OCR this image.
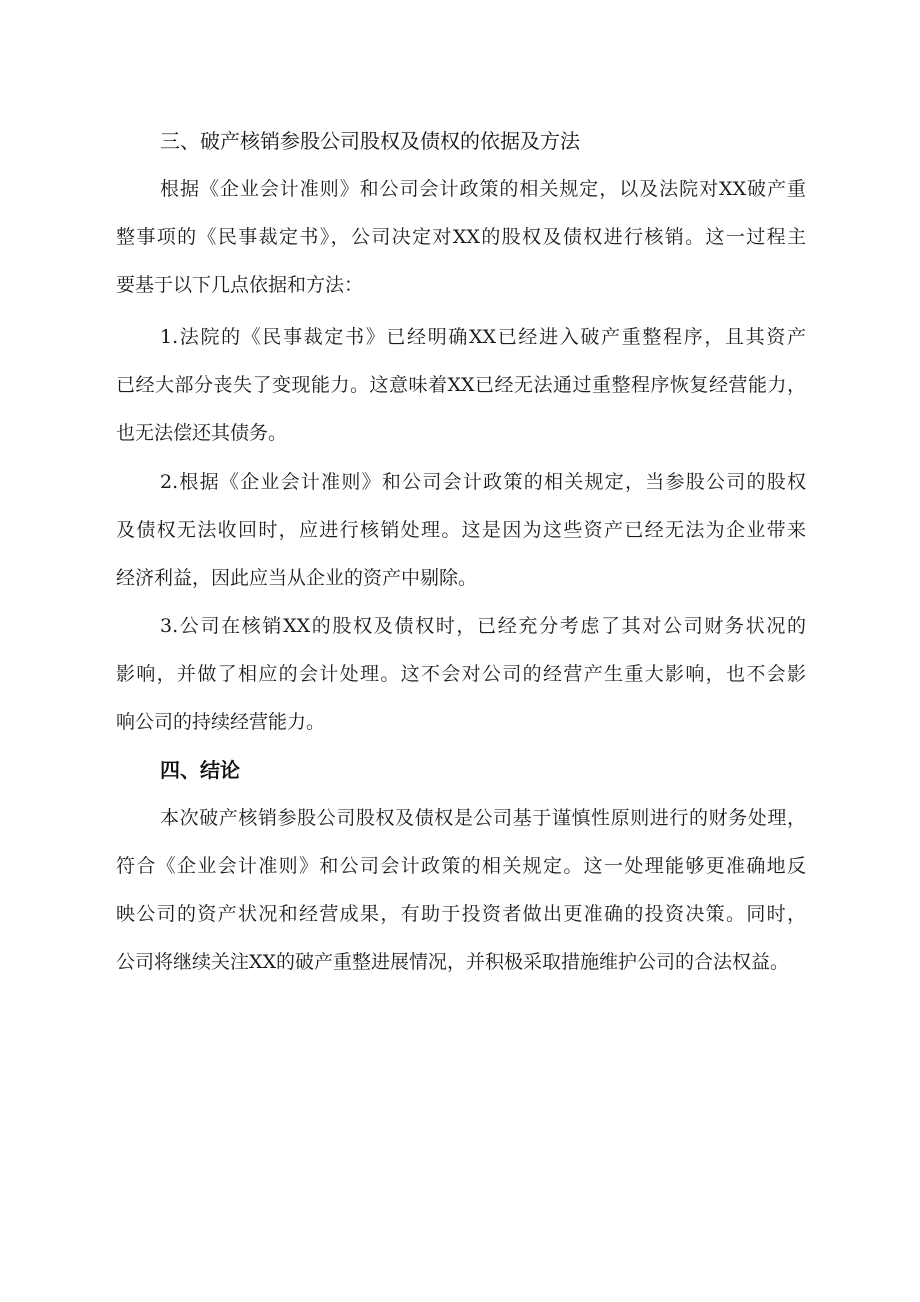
三、破产核销参股公司股权及债权的依据及方法
根据《企业会计准则》和公司会计政策的相关规定，以及法院对XX破产重
整事项的《民事裁定书》，公司决定对XX的股权及债权进行核销。这一过程主
要基于以下几点依据和方法：
1.法院的《民事裁定书》已经明确XX已经进入破产重整程序，且其资产
已经大部分丧失了变现能力。这意味着XX已经无法通过重整程序恢复经营能力，
也无法偿还其债务。
2.根据《企业会计准则》和公司会计政策的相关规定，当参股公司的股权
及债权无法收回时，应进行核销处理。这是因为这些资产已经无法为企业带来
经济利益，因此应当从企业的资产中剔除。
3.公司在核销XX的股权及债权时，已经充分考虑了其对公司财务状况的
影响，并做了相应的会计处理。这不会对公司的经营产生重大影响，也不会影
响公司的持续经营能力。
四、结论
本次破产核销参股公司股权及债权是公司基于谨慎性原则进行的财务处理，
符合《企业会计准则》和公司会计政策的相关规定。这一处理能够更准确地反
映公司的资产状况和经营成果，有助于投资者做出更准确的投资决策。同时，
公司将继续关注XX的破产重整进展情况，并积极采取措施维护公司的合法权益。
